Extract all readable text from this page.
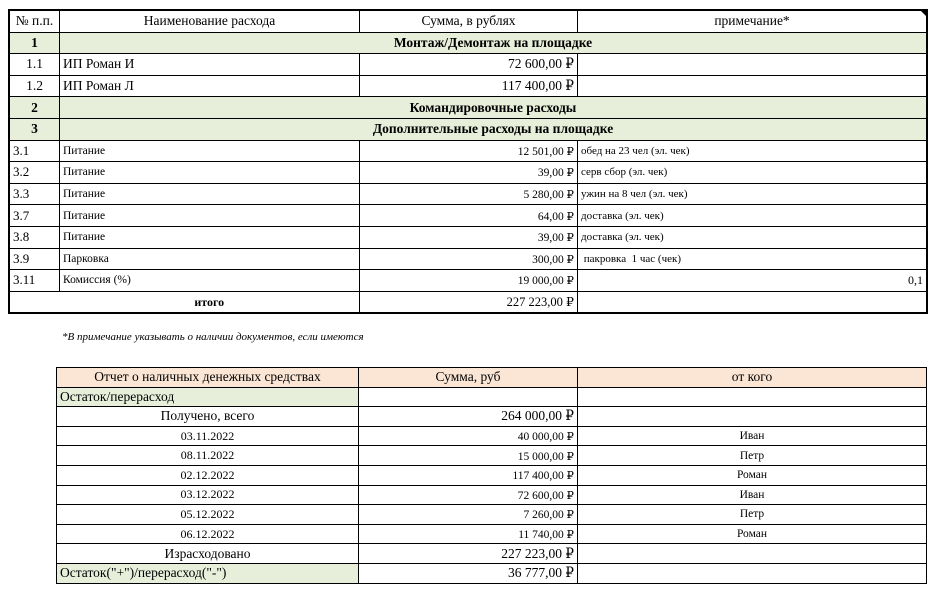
№ п.п.	Наименование расхода	Сумма, в рублях	примечание*
1	Монтаж/Демонтаж на площадке		
1.1	ИП Роман И	72 600,00 ₽	
1.2	ИП Роман Л	117 400,00 ₽	
2	Командировочные расходы		
3	Дополнительные расходы на площадке		
3.1	Питание	12 501,00 ₽	обед на 23 чел (эл. чек)
3.2	Питание	39,00 ₽	серв сбор (эл. чек)
3.3	Питание	5 280,00 ₽	ужин на 8 чел (эл. чек)
3.7	Питание	64,00 ₽	доставка (эл. чек)
3.8	Питание	39,00 ₽	доставка (эл. чек)
3.9	Парковка	300,00 ₽	пакровка  1 час (чек)
3.11	Комиссия (%)	19 000,00 ₽	0,1
	итого	227 223,00 ₽	
*В примечание указывать о наличии документов, если имеются
Отчет о наличных денежных средствах	Сумма, руб	от кого
Остаток/перерасход		
Получено, всего	264 000,00 ₽	
03.11.2022	40 000,00 ₽	Иван
08.11.2022	15 000,00 ₽	Петр
02.12.2022	117 400,00 ₽	Роман
03.12.2022	72 600,00 ₽	Иван
05.12.2022	7 260,00 ₽	Петр
06.12.2022	11 740,00 ₽	Роман
Израсходовано	227 223,00 ₽	
Остаток("+")/перерасход("-")	36 777,00 ₽	
